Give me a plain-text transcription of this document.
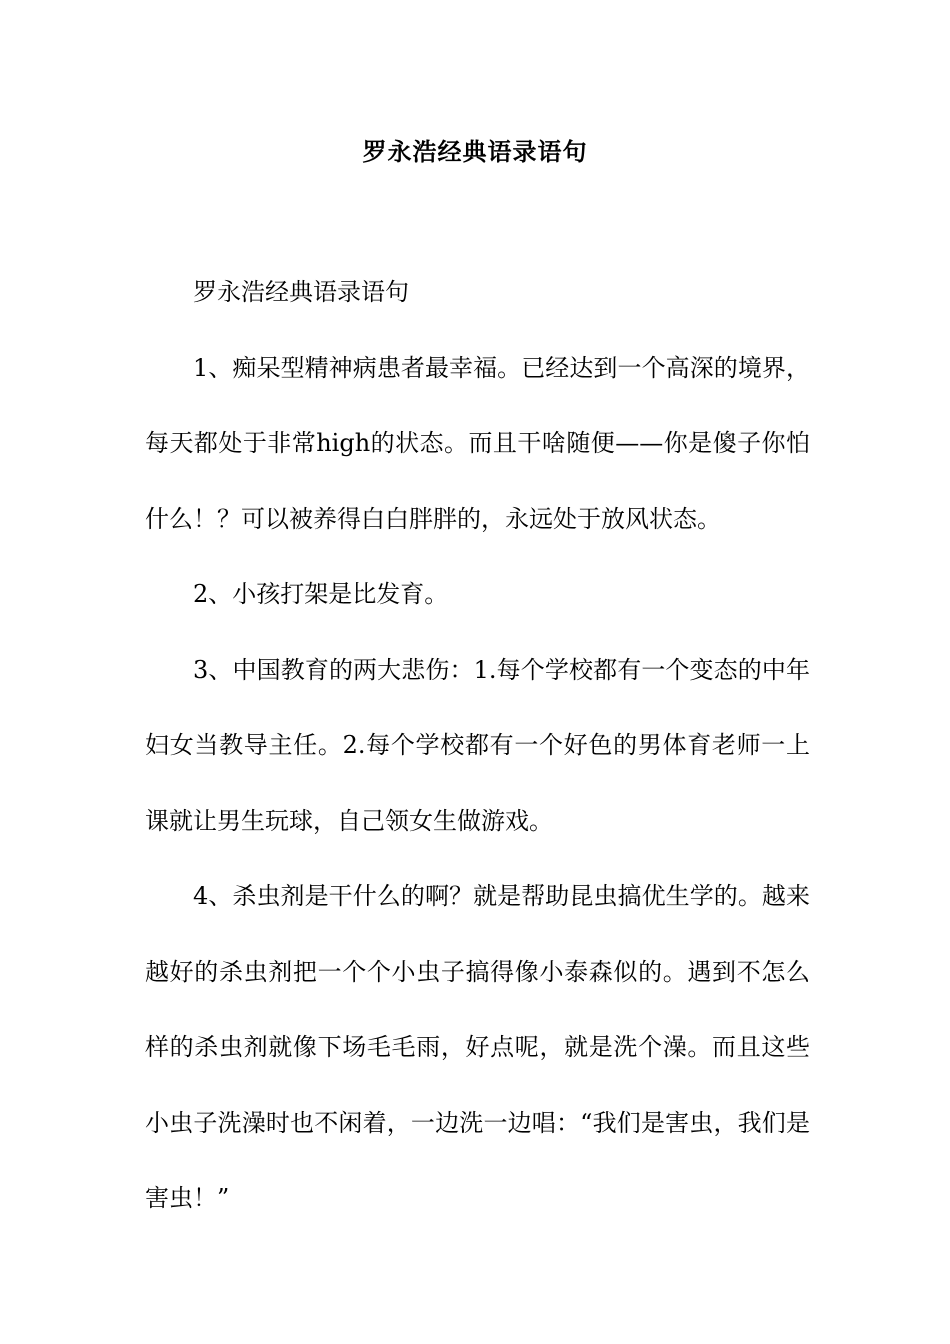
罗永浩经典语录语句

罗永浩经典语录语句

1、痴呆型精神病患者最幸福。已经达到一个高深的境界，每天都处于非常high的状态。而且干啥随便——你是傻子你怕什么！？可以被养得白白胖胖的，永远处于放风状态。

2、小孩打架是比发育。

3、中国教育的两大悲伤：1.每个学校都有一个变态的中年妇女当教导主任。2.每个学校都有一个好色的男体育老师一上课就让男生玩球，自己领女生做游戏。

4、杀虫剂是干什么的啊？就是帮助昆虫搞优生学的。越来越好的杀虫剂把一个个小虫子搞得像小泰森似的。遇到不怎么样的杀虫剂就像下场毛毛雨，好点呢，就是洗个澡。而且这些小虫子洗澡时也不闲着，一边洗一边唱：“我们是害虫，我们是害虫！”
